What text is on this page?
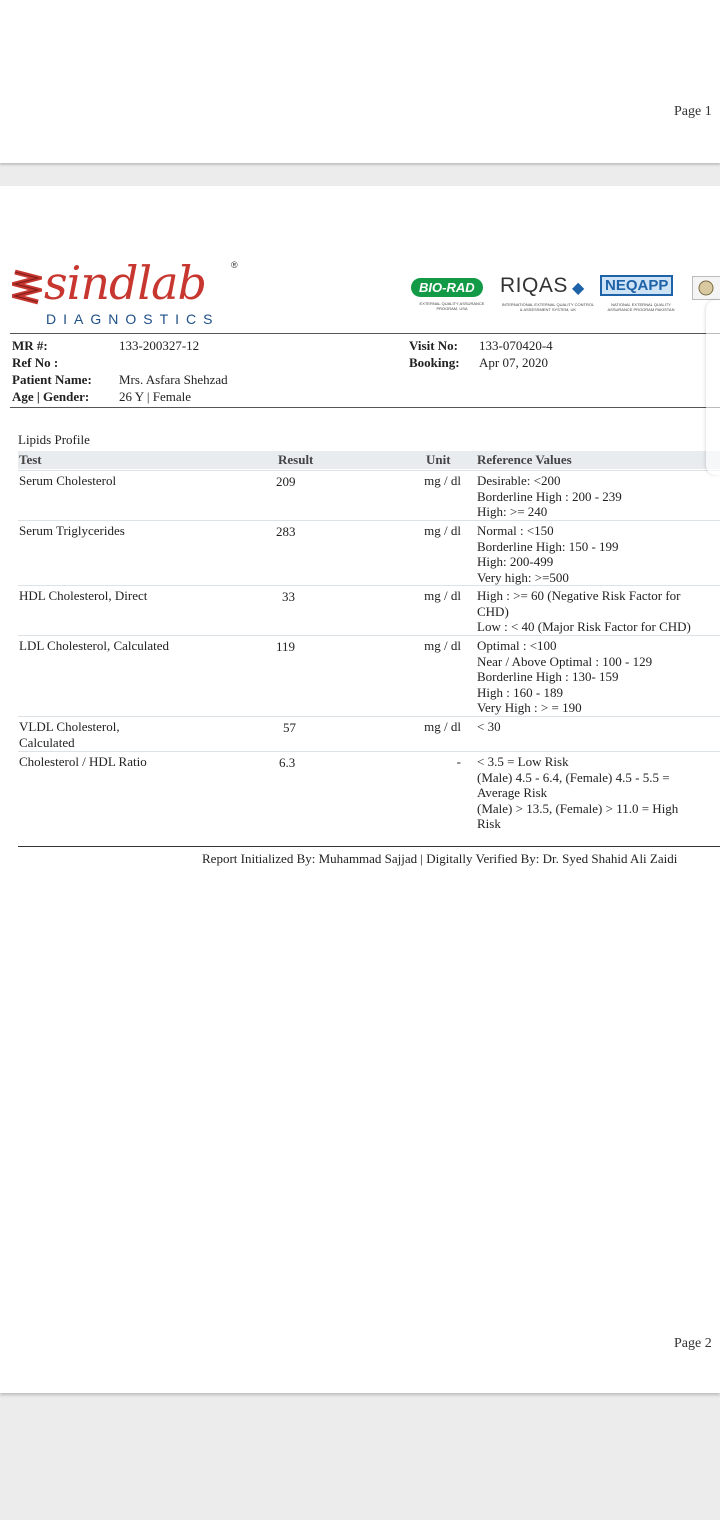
Page 1
sindlab	®
DIAGNOSTICS
BIO-RAD
EXTERNAL QUALITY ASSURANCE PROGRAM, USA
RIQAS ◆
INTERNATIONAL EXTERNAL QUALITY CONTROL & ASSESSMENT SYSTEM, UK
NEQAPP
NATIONAL EXTERNAL QUALITY ASSURANCE PROGRAM PAKISTAN
MR #:	133-200327-12
Ref No :
Patient Name: Mrs. Asfara Shehzad
Age | Gender: 26 Y | Female
Visit No: 133-070420-4
Booking: Apr 07, 2020
Lipids Profile
Test	Result	Unit Reference Values
Serum Cholesterol	209	mg / dl Desirable: <200
Borderline High : 200 - 239
High: >= 240
Serum Triglycerides	283	mg / dl Normal : <150
Borderline High: 150 - 199
High: 200-499
Very high: >=500
HDL Cholesterol, Direct	33	mg / dl High : >= 60 (Negative Risk Factor for
CHD)
Low : < 40 (Major Risk Factor for CHD)
LDL Cholesterol, Calculated	119	mg / dl Optimal : <100
Near / Above Optimal : 100 - 129
Borderline High : 130- 159
High : 160 - 189
Very High : > = 190
VLDL Cholesterol,
Calculated
57	mg / dl < 30
Cholesterol / HDL Ratio	6.3	- < 3.5 = Low Risk
(Male) 4.5 - 6.4, (Female) 4.5 - 5.5 =
Average Risk
(Male) > 13.5, (Female) > 11.0 = High
Risk
Report Initialized By: Muhammad Sajjad | Digitally Verified By: Dr. Syed Shahid Ali Zaidi
Page 2
